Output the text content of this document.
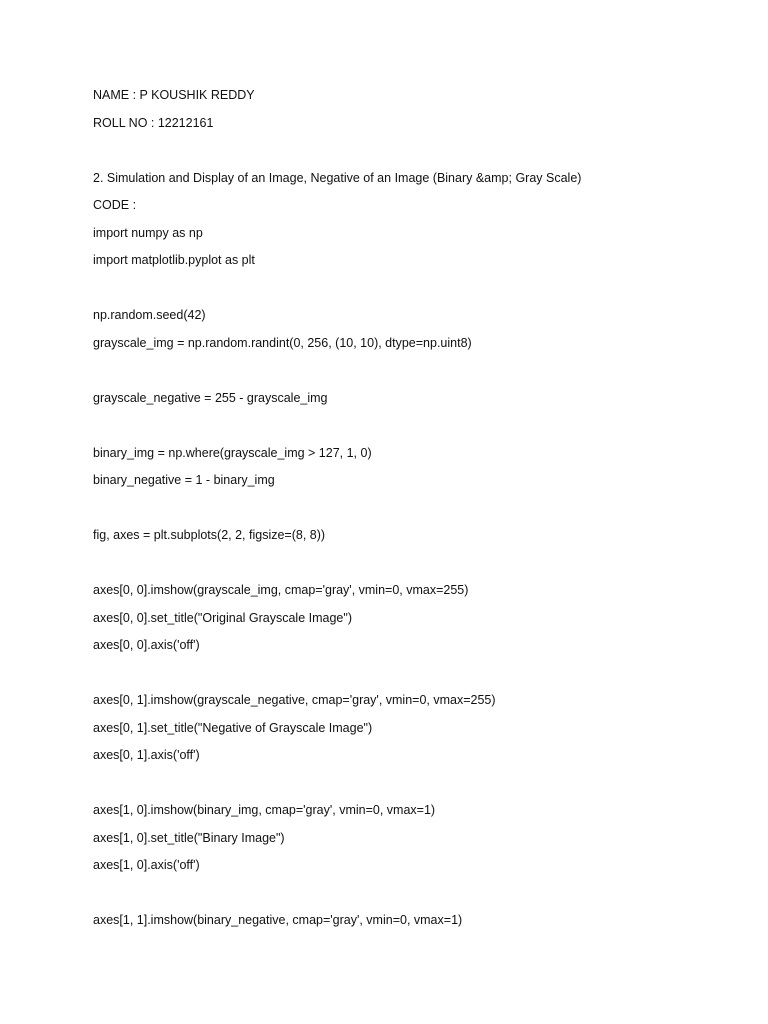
NAME : P KOUSHIK REDDY
ROLL NO : 12212161
2. Simulation and Display of an Image, Negative of an Image (Binary &amp; Gray Scale)
CODE :
import numpy as np
import matplotlib.pyplot as plt
np.random.seed(42)
grayscale_img = np.random.randint(0, 256, (10, 10), dtype=np.uint8)
grayscale_negative = 255 - grayscale_img
binary_img = np.where(grayscale_img > 127, 1, 0)
binary_negative = 1 - binary_img
fig, axes = plt.subplots(2, 2, figsize=(8, 8))
axes[0, 0].imshow(grayscale_img, cmap='gray', vmin=0, vmax=255)
axes[0, 0].set_title("Original Grayscale Image")
axes[0, 0].axis('off')
axes[0, 1].imshow(grayscale_negative, cmap='gray', vmin=0, vmax=255)
axes[0, 1].set_title("Negative of Grayscale Image")
axes[0, 1].axis('off')
axes[1, 0].imshow(binary_img, cmap='gray', vmin=0, vmax=1)
axes[1, 0].set_title("Binary Image")
axes[1, 0].axis('off')
axes[1, 1].imshow(binary_negative, cmap='gray', vmin=0, vmax=1)
